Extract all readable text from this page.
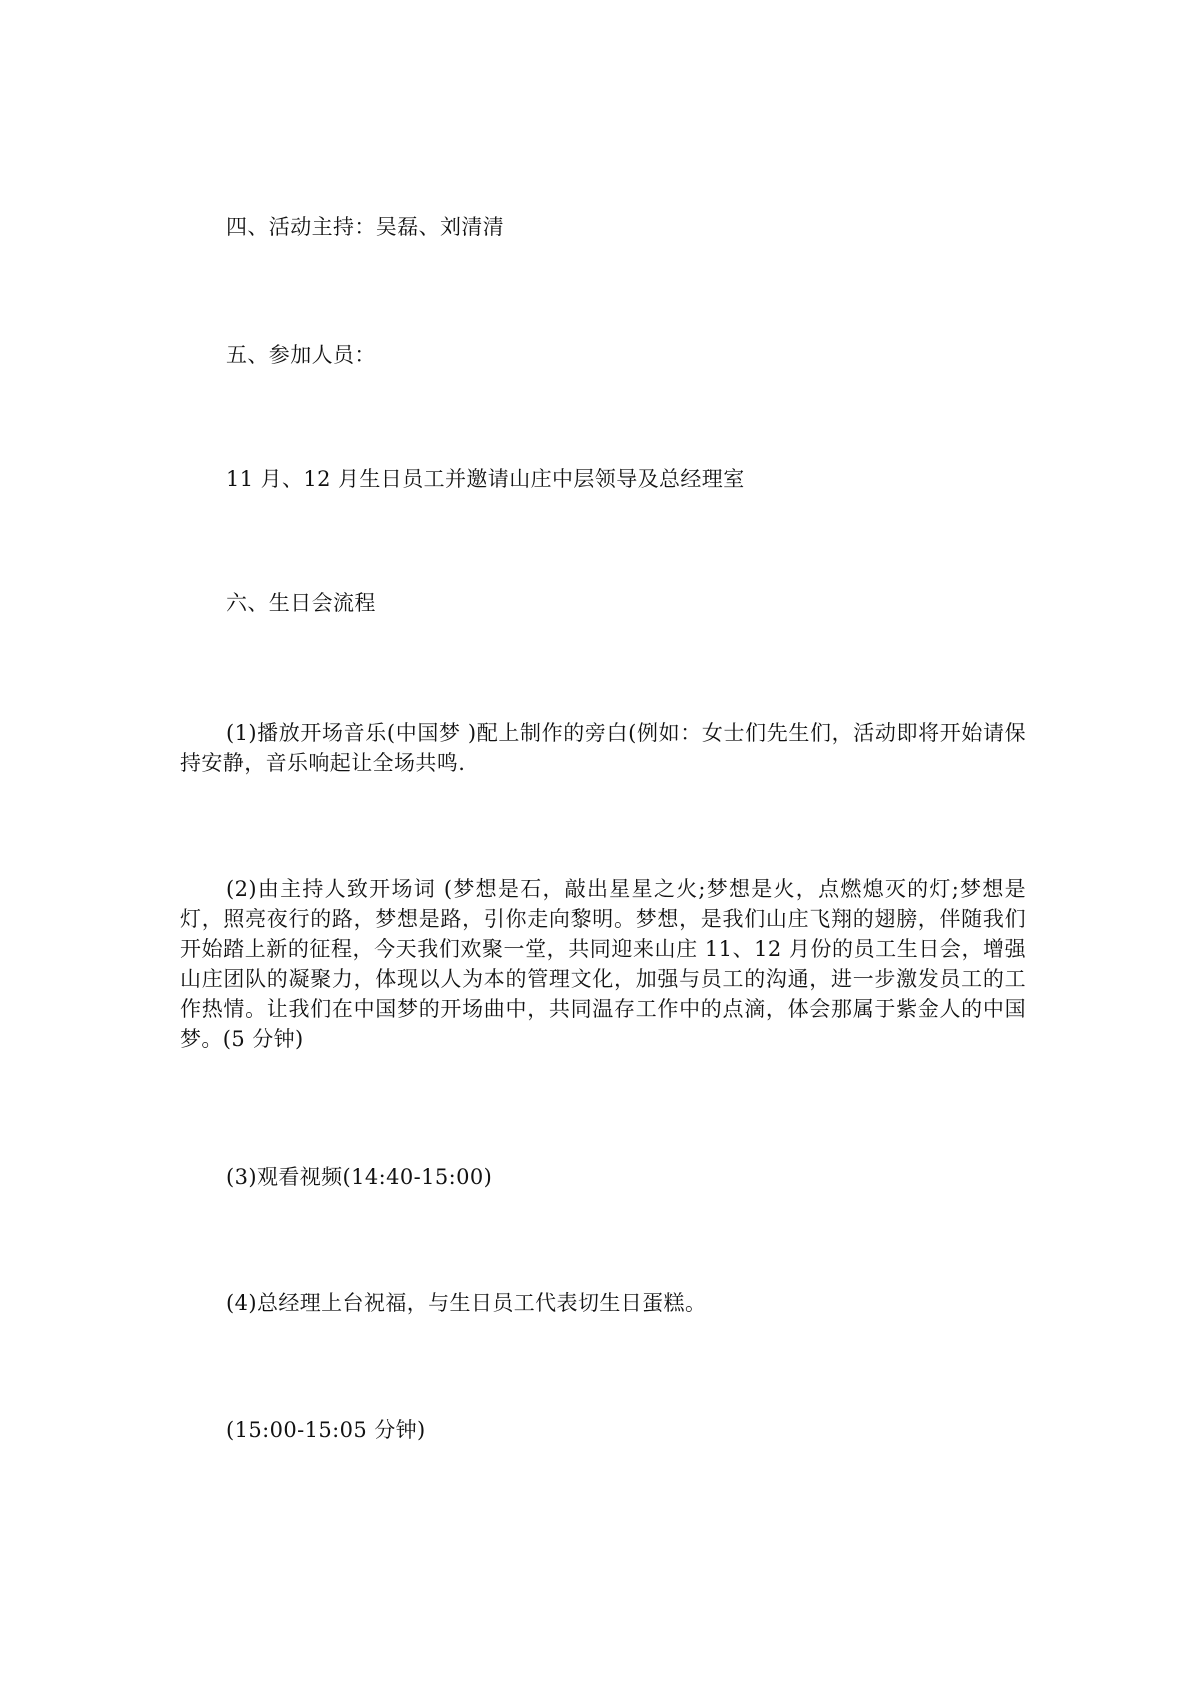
四、活动主持：吴磊、刘清清

五、参加人员：

11 月、12 月生日员工并邀请山庄中层领导及总经理室

六、生日会流程

(1)播放开场音乐(中国梦 )配上制作的旁白(例如：女士们先生们，活动即将开始请保持安静，音乐响起让全场共鸣.

(2)由主持人致开场词 (梦想是石，敲出星星之火;梦想是火，点燃熄灭的灯;梦想是灯，照亮夜行的路，梦想是路，引你走向黎明。梦想，是我们山庄飞翔的翅膀，伴随我们开始踏上新的征程，今天我们欢聚一堂，共同迎来山庄 11、12 月份的员工生日会，增强山庄团队的凝聚力，体现以人为本的管理文化，加强与员工的沟通，进一步激发员工的工作热情。让我们在中国梦的开场曲中，共同温存工作中的点滴，体会那属于紫金人的中国梦。(5 分钟)

(3)观看视频(14:40-15:00)

(4)总经理上台祝福，与生日员工代表切生日蛋糕。

(15:00-15:05 分钟)
